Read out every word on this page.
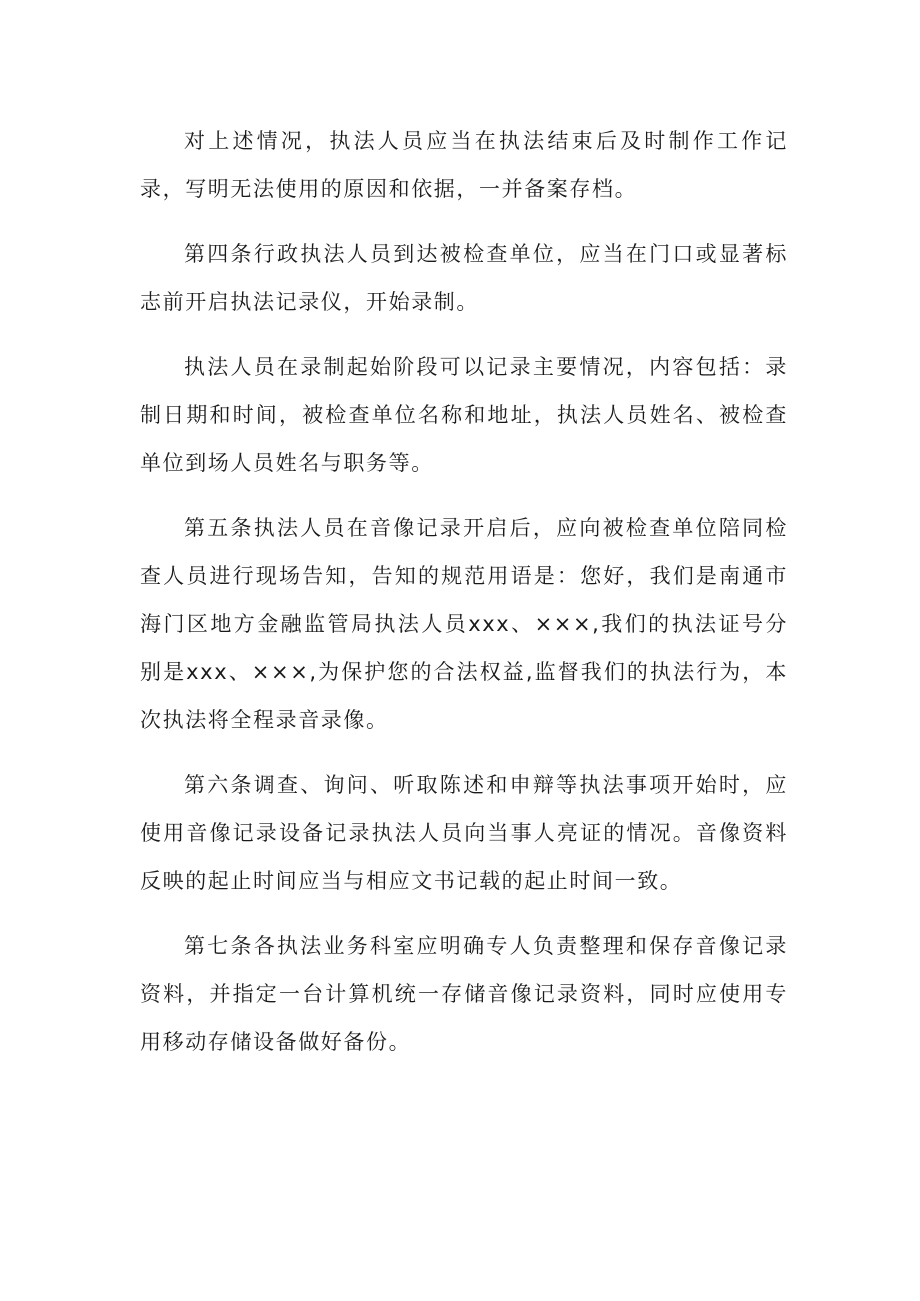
对上述情况，执法人员应当在执法结束后及时制作工作记录，写明无法使用的原因和依据，一并备案存档。

第四条行政执法人员到达被检查单位，应当在门口或显著标志前开启执法记录仪，开始录制。

执法人员在录制起始阶段可以记录主要情况，内容包括：录制日期和时间，被检查单位名称和地址，执法人员姓名、被检查单位到场人员姓名与职务等。

第五条执法人员在音像记录开启后，应向被检查单位陪同检查人员进行现场告知，告知的规范用语是：您好，我们是南通市海门区地方金融监管局执法人员xxx、×××,我们的执法证号分别是xxx、×××,为保护您的合法权益,监督我们的执法行为，本次执法将全程录音录像。

第六条调查、询问、听取陈述和申辩等执法事项开始时，应使用音像记录设备记录执法人员向当事人亮证的情况。音像资料反映的起止时间应当与相应文书记载的起止时间一致。

第七条各执法业务科室应明确专人负责整理和保存音像记录资料，并指定一台计算机统一存储音像记录资料，同时应使用专用移动存储设备做好备份。
